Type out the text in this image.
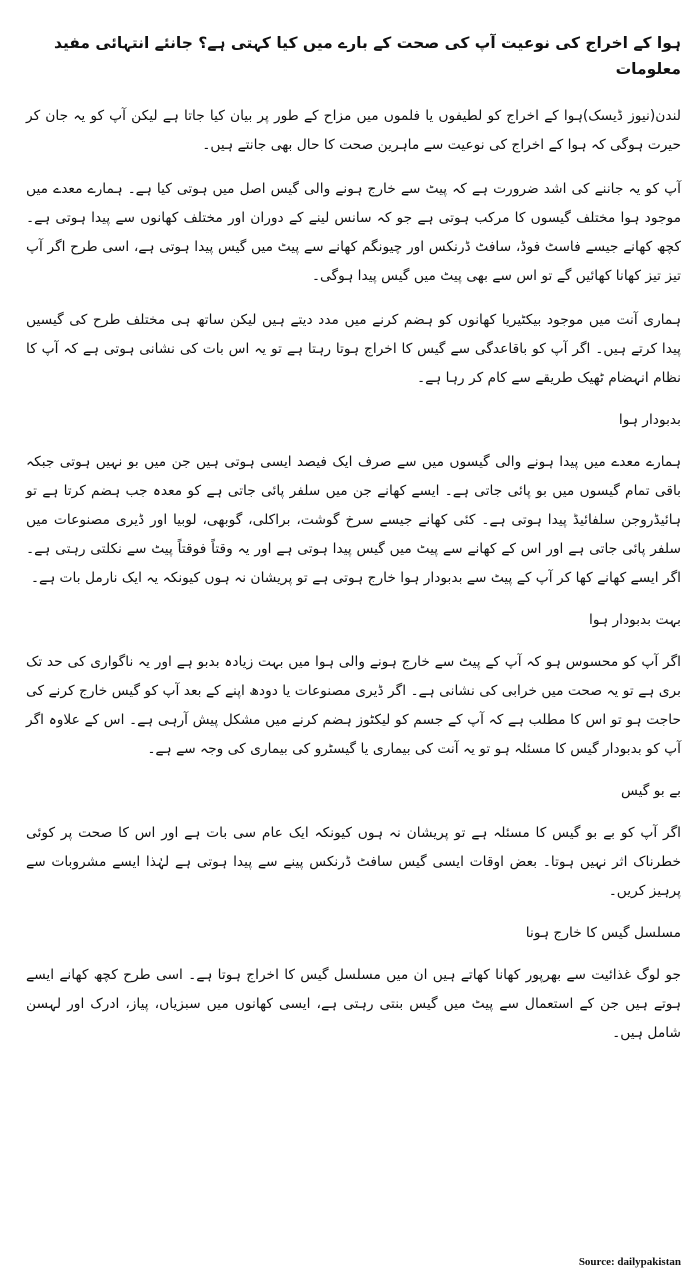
ہوا کے اخراج کی نوعیت آپ کی صحت کے بارے میں کیا کہتی ہے؟ جانئے انتہائی مفید معلومات

لندن(نیوز ڈیسک)ہوا کے اخراج کو لطیفوں یا فلموں میں مزاح کے طور پر بیان کیا جاتا ہے لیکن آپ کو یہ جان کر حیرت ہوگی کہ ہوا کے اخراج کی نوعیت سے ماہرین صحت کا حال بھی جانتے ہیں۔

آپ کو یہ جاننے کی اشد ضرورت ہے کہ پیٹ سے خارج ہونے والی گیس اصل میں ہوتی کیا ہے۔ ہمارے معدے میں موجود ہوا مختلف گیسوں کا مرکب ہوتی ہے جو کہ سانس لینے کے دوران اور مختلف کھانوں سے پیدا ہوتی ہے۔ کچھ کھانے جیسے فاسٹ فوڈ، سافٹ ڈرنکس اور چیونگم کھانے سے پیٹ میں گیس پیدا ہوتی ہے، اسی طرح اگر آپ تیز تیز کھانا کھائیں گے تو اس سے بھی پیٹ میں گیس پیدا ہوگی۔

ہماری آنت میں موجود بیکٹیریا کھانوں کو ہضم کرنے میں مدد دیتے ہیں لیکن ساتھ ہی مختلف طرح کی گیسیں پیدا کرتے ہیں۔ اگر آپ کو باقاعدگی سے گیس کا اخراج ہوتا رہتا ہے تو یہ اس بات کی نشانی ہوتی ہے کہ آپ کا نظام انہضام ٹھیک طریقے سے کام کر رہا ہے۔

بدبودار ہوا

ہمارے معدے میں پیدا ہونے والی گیسوں میں سے صرف ایک فیصد ایسی ہوتی ہیں جن میں بو نہیں ہوتی جبکہ باقی تمام گیسوں میں بو پائی جاتی ہے۔ ایسے کھانے جن میں سلفر پائی جاتی ہے کو معدہ جب ہضم کرتا ہے تو ہائیڈروجن سلفائیڈ پیدا ہوتی ہے۔ کئی کھانے جیسے سرخ گوشت، براکلی، گوبھی، لوبیا اور ڈیری مصنوعات میں سلفر پائی جاتی ہے اور اس کے کھانے سے پیٹ میں گیس پیدا ہوتی ہے اور یہ وقتاً فوقتاً پیٹ سے نکلتی رہتی ہے۔ اگر ایسے کھانے کھا کر آپ کے پیٹ سے بدبودار ہوا خارج ہوتی ہے تو پریشان نہ ہوں کیونکہ یہ ایک نارمل بات ہے۔

بہت بدبودار ہوا

اگر آپ کو محسوس ہو کہ آپ کے پیٹ سے خارج ہونے والی ہوا میں بہت زیادہ بدبو ہے اور یہ ناگواری کی حد تک بری ہے تو یہ صحت میں خرابی کی نشانی ہے۔ اگر ڈیری مصنوعات یا دودھ اپنے کے بعد آپ کو گیس خارج کرنے کی حاجت ہو تو اس کا مطلب ہے کہ آپ کے جسم کو لیکٹوز ہضم کرنے میں مشکل پیش آرہی ہے۔ اس کے علاوہ اگر آپ کو بدبودار گیس کا مسئلہ ہو تو یہ آنت کی بیماری یا گیسٹرو کی بیماری کی وجہ سے ہے۔

بے بو گیس

اگر آپ کو بے بو گیس کا مسئلہ ہے تو پریشان نہ ہوں کیونکہ ایک عام سی بات ہے اور اس کا صحت پر کوئی خطرناک اثر نہیں ہوتا۔ بعض اوقات ایسی گیس سافٹ ڈرنکس پینے سے پیدا ہوتی ہے لہٰذا ایسے مشروبات سے پرہیز کریں۔

مسلسل گیس کا خارج ہونا

جو لوگ غذائیت سے بھرپور کھانا کھاتے ہیں ان میں مسلسل گیس کا اخراج ہوتا ہے۔ اسی طرح کچھ کھانے ایسے ہوتے ہیں جن کے استعمال سے پیٹ میں گیس بنتی رہتی ہے، ایسی کھانوں میں سبزیاں، پیاز، ادرک اور لہسن شامل ہیں۔

Source: dailypakistan
